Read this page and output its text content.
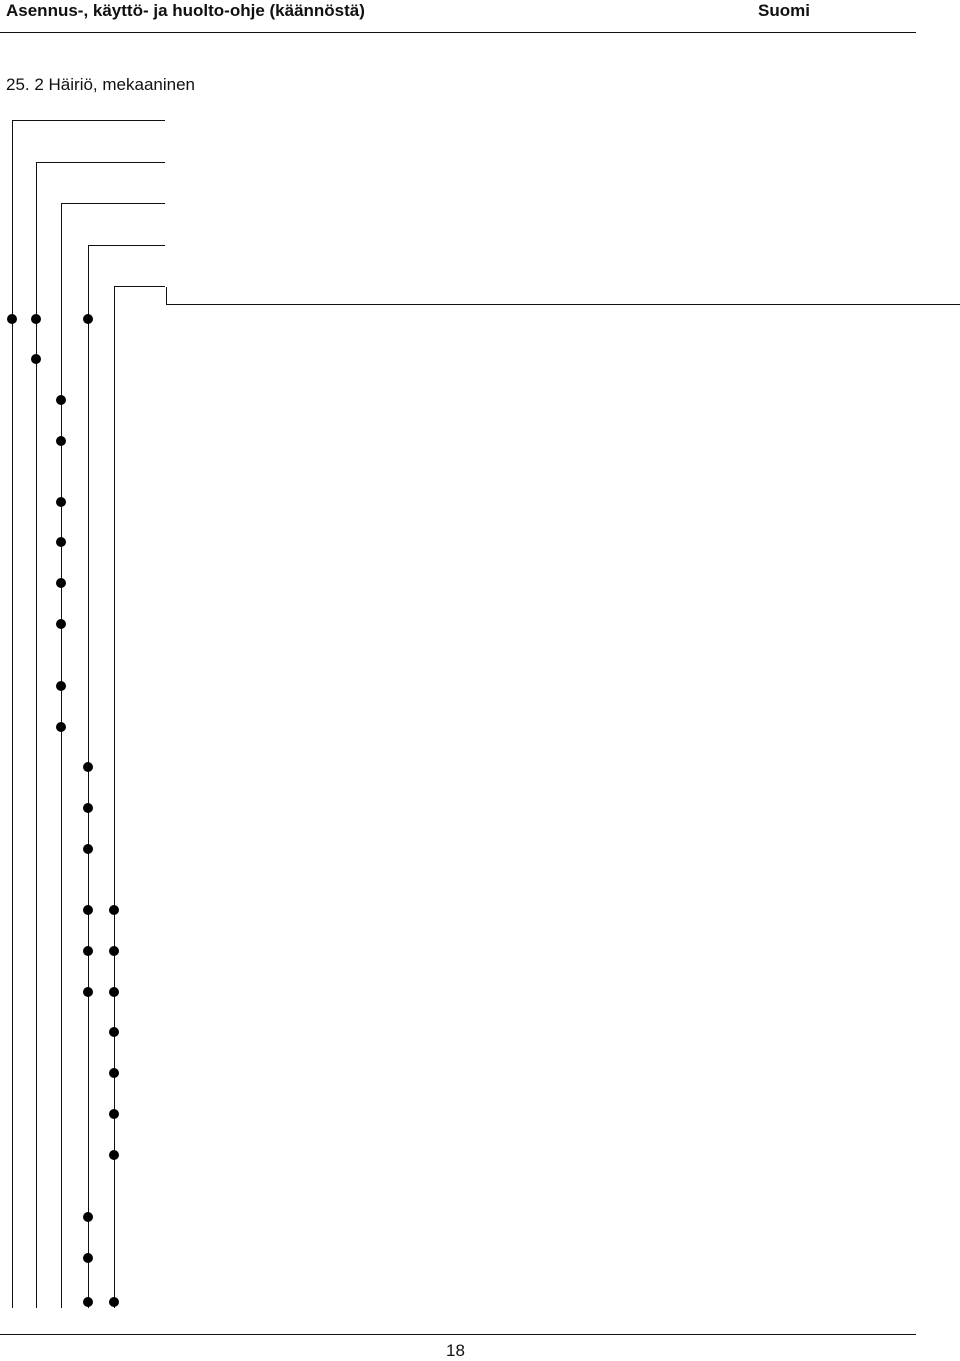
Asennus-, käyttö- ja huolto-ohje (käännöstä)	Suomi
25. 2 Häiriö, mekaaninen
18
